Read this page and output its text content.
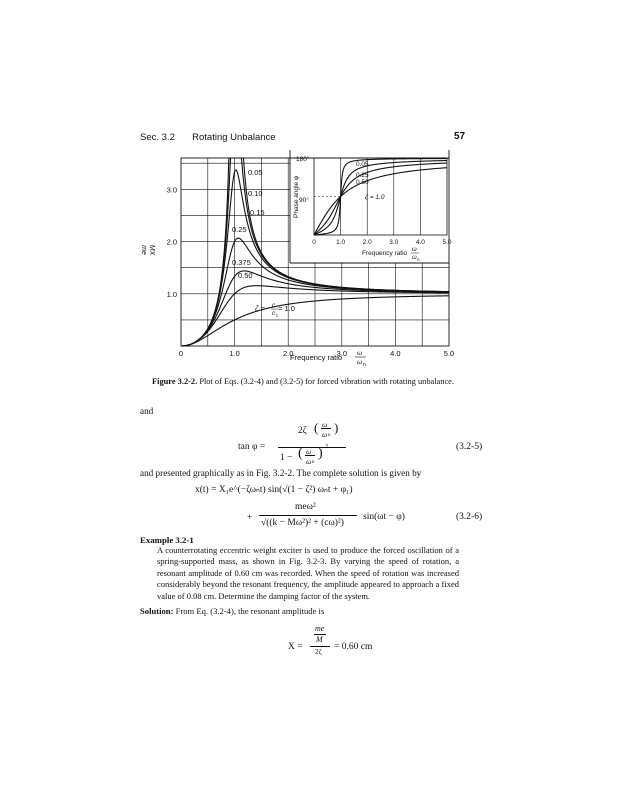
Sec. 3.2 Rotating Unbalance	57
0	1.0	2.0	3.0	4.0	5.0
1.0
2.0
3.0
0	1.0	2.0	3.0	4.0	5.0
MX
me
Frequency ratio ω
ω n
0.05
0.10
0.15
0.25
0.375
0.50
ζ = c
c c
= 1.0
Phase angle φ
Frequency ratio ω
ω n
0.05
0.25
0.50
ζ = 1.0
180°
90°
Figure 3.2-2. Plot of Eqs. (3.2-4) and (3.2-5) for forced vibration with rotating unbalance.
and
tan φ =
2ζ ( ω
ω n
)
1 − ( ω
ω n
) 2	(3.2-5)
and presented graphically as in Fig. 3.2-2. The complete solution is given by
x(t) = X₁e^(−ζωₙt) sin(√(1 − ζ²) ωₙt + φ₁)
+
meω²
√((k − Mω²)² + (cω)²)
sin(ωt − φ)	(3.2-6)
Example 3.2-1
A counterrotating eccentric weight exciter is used to produce the forced oscillation of a spring-supported mass, as shown in Fig. 3.2-3. By varying the speed of rotation, a resonant amplitude of 0.60 cm was recorded. When the speed of rotation was increased considerably beyond the resonant frequency, the amplitude appeared to approach a fixed value of 0.08 cm. Determine the damping factor of the system.
Solution: From Eq. (3.2-4), the resonant amplitude is
X =
me
M
2ζ = 0.60 cm
